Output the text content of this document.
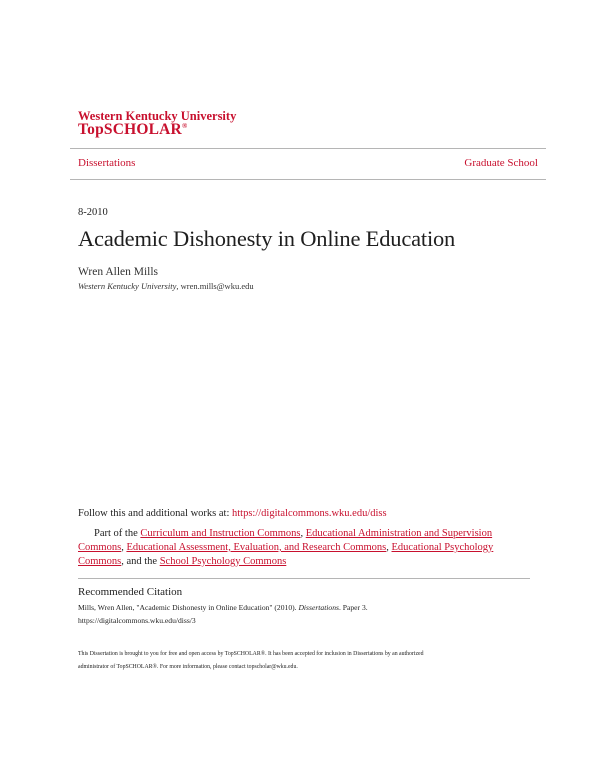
Western Kentucky University
TopSCHOLAR®
Dissertations	Graduate School
8-2010
Academic Dishonesty in Online Education
Wren Allen Mills
Western Kentucky University, wren.mills@wku.edu
Follow this and additional works at: https://digitalcommons.wku.edu/diss
Part of the Curriculum and Instruction Commons, Educational Administration and Supervision Commons, Educational Assessment, Evaluation, and Research Commons, Educational Psychology Commons, and the School Psychology Commons
Recommended Citation
Mills, Wren Allen, "Academic Dishonesty in Online Education" (2010). Dissertations. Paper 3.
https://digitalcommons.wku.edu/diss/3
This Dissertation is brought to you for free and open access by TopSCHOLAR®. It has been accepted for inclusion in Dissertations by an authorized
administrator of TopSCHOLAR®. For more information, please contact topscholar@wku.edu.
